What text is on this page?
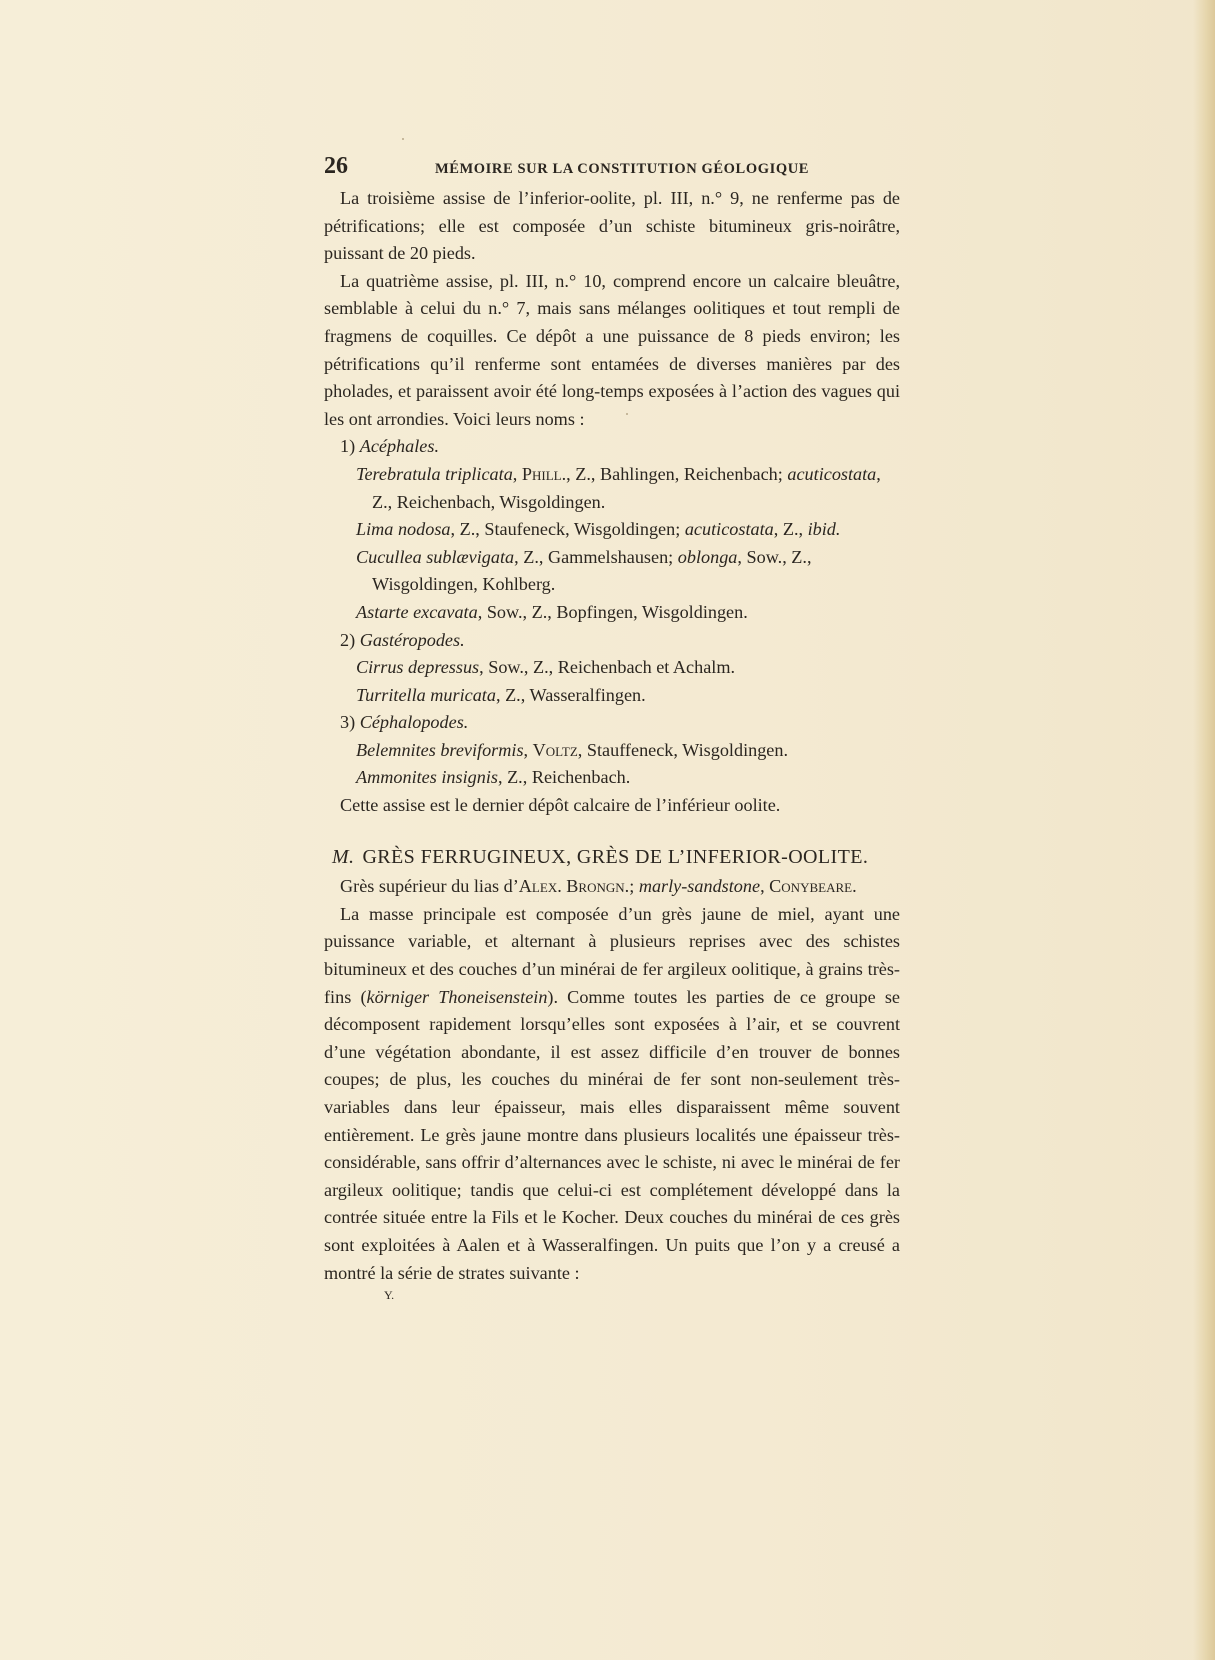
26	MÉMOIRE SUR LA CONSTITUTION GÉOLOGIQUE

La troisième assise de l’inferior-oolite, pl. III, n.° 9, ne renferme pas de pétrifications; elle est composée d’un schiste bitumineux gris-noirâtre, puissant de 20 pieds.

La quatrième assise, pl. III, n.° 10, comprend encore un calcaire bleuâtre, semblable à celui du n.° 7, mais sans mélanges oolitiques et tout rempli de fragmens de coquilles. Ce dépôt a une puissance de 8 pieds environ; les pétrifications qu’il renferme sont entamées de diverses manières par des pholades, et paraissent avoir été long-temps exposées à l’action des vagues qui les ont arrondies. Voici leurs noms :

1) Acéphales.
Terebratula triplicata, Phill., Z., Bahlingen, Reichenbach; acuticostata, Z., Reichenbach, Wisgoldingen.
Lima nodosa, Z., Staufeneck, Wisgoldingen; acuticostata, Z., ibid.
Cucullea sublævigata, Z., Gammelshausen; oblonga, Sow., Z., Wisgoldingen, Kohlberg.
Astarte excavata, Sow., Z., Bopfingen, Wisgoldingen.
2) Gastéropodes.
Cirrus depressus, Sow., Z., Reichenbach et Achalm.
Turritella muricata, Z., Wasseralfingen.
3) Céphalopodes.
Belemnites breviformis, Voltz, Stauffeneck, Wisgoldingen.
Ammonites insignis, Z., Reichenbach.

Cette assise est le dernier dépôt calcaire de l’inférieur oolite.

M. GRÈS FERRUGINEUX, GRÈS DE L’INFERIOR-OOLITE.

Grès supérieur du lias d’Alex. Brongn.; marly-sandstone, Conybeare.

La masse principale est composée d’un grès jaune de miel, ayant une puissance variable, et alternant à plusieurs reprises avec des schistes bitumineux et des couches d’un minérai de fer argileux oolitique, à grains très-fins (körniger Thoneisenstein). Comme toutes les parties de ce groupe se décomposent rapidement lorsqu’elles sont exposées à l’air, et se couvrent d’une végétation abondante, il est assez difficile d’en trouver de bonnes coupes; de plus, les couches du minérai de fer sont non-seulement très-variables dans leur épaisseur, mais elles disparaissent même souvent entièrement. Le grès jaune montre dans plusieurs localités une épaisseur très-considérable, sans offrir d’alternances avec le schiste, ni avec le minérai de fer argileux oolitique; tandis que celui-ci est complétement développé dans la contrée située entre la Fils et le Kocher. Deux couches du minérai de ces grès sont exploitées à Aalen et à Wasseralfingen. Un puits que l’on y a creusé a montré la série de strates suivante :

Y.
